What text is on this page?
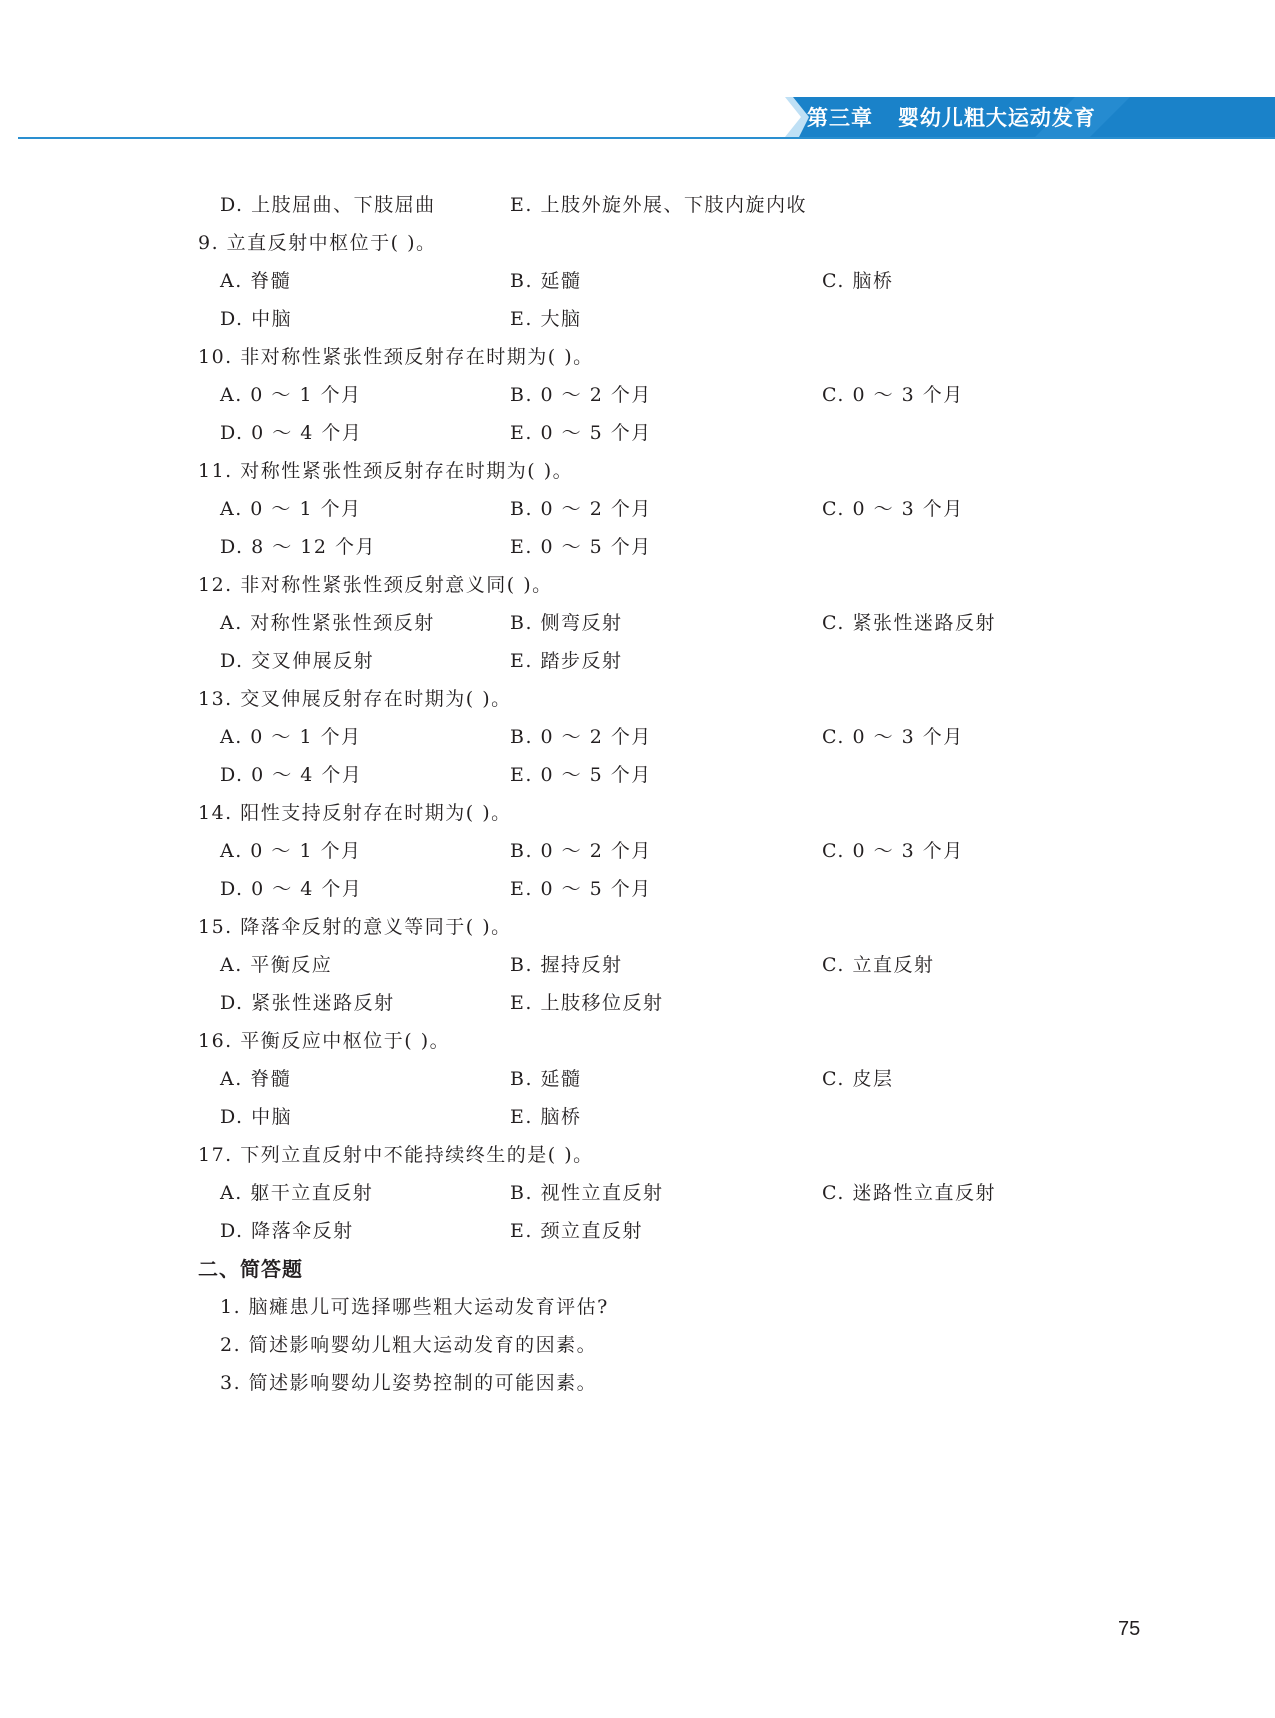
第三章   婴幼儿粗大运动发育
D. 上肢屈曲、下肢屈曲	E. 上肢外旋外展、下肢内旋内收
9. 立直反射中枢位于( )。
A. 脊髓	B. 延髓	C. 脑桥
D. 中脑	E. 大脑
10. 非对称性紧张性颈反射存在时期为( )。
A. 0 ～ 1 个月	B. 0 ～ 2 个月	C. 0 ～ 3 个月
D. 0 ～ 4 个月	E. 0 ～ 5 个月
11. 对称性紧张性颈反射存在时期为( )。
A. 0 ～ 1 个月	B. 0 ～ 2 个月	C. 0 ～ 3 个月
D. 8 ～ 12 个月	E. 0 ～ 5 个月
12. 非对称性紧张性颈反射意义同( )。
A. 对称性紧张性颈反射	B. 侧弯反射	C. 紧张性迷路反射
D. 交叉伸展反射	E. 踏步反射
13. 交叉伸展反射存在时期为( )。
A. 0 ～ 1 个月	B. 0 ～ 2 个月	C. 0 ～ 3 个月
D. 0 ～ 4 个月	E. 0 ～ 5 个月
14. 阳性支持反射存在时期为( )。
A. 0 ～ 1 个月	B. 0 ～ 2 个月	C. 0 ～ 3 个月
D. 0 ～ 4 个月	E. 0 ～ 5 个月
15. 降落伞反射的意义等同于( )。
A. 平衡反应	B. 握持反射	C. 立直反射
D. 紧张性迷路反射	E. 上肢移位反射
16. 平衡反应中枢位于( )。
A. 脊髓	B. 延髓	C. 皮层
D. 中脑	E. 脑桥
17. 下列立直反射中不能持续终生的是( )。
A. 躯干立直反射	B. 视性立直反射	C. 迷路性立直反射
D. 降落伞反射	E. 颈立直反射
二、简答题
1. 脑瘫患儿可选择哪些粗大运动发育评估?
2. 简述影响婴幼儿粗大运动发育的因素。
3. 简述影响婴幼儿姿势控制的可能因素。
75
